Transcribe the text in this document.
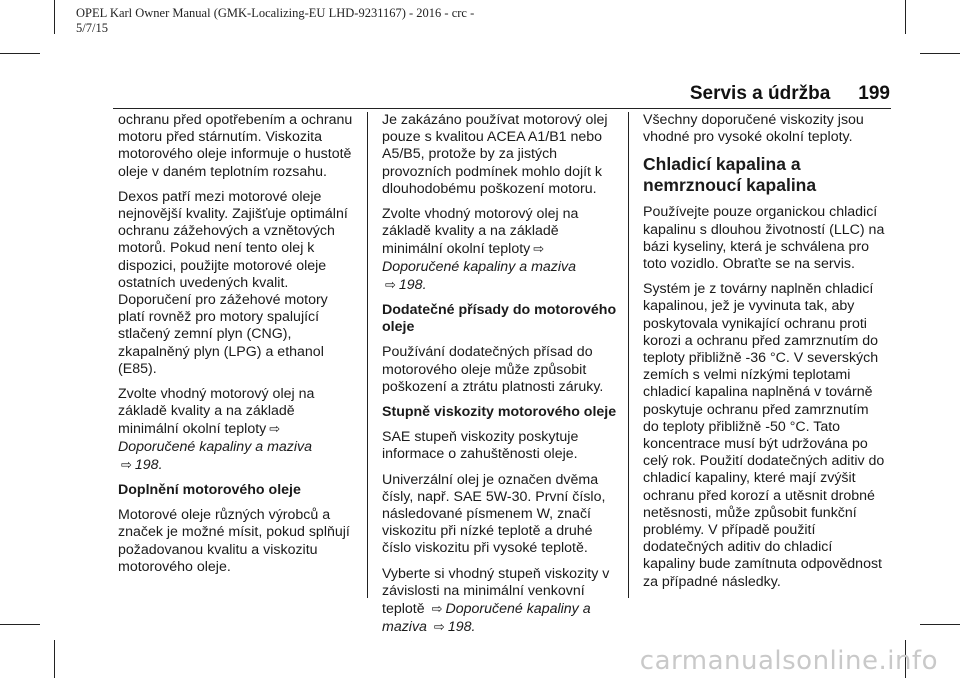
OPEL Karl Owner Manual (GMK-Localizing-EU LHD-9231167) - 2016 - crc -
5/7/15
Servis a údržba 199

ochranu před opotřebením a ochranu motoru před stárnutím. Viskozita motorového oleje informuje o hustotě oleje v daném teplotním rozsahu.

Dexos patří mezi motorové oleje nejnovější kvality. Zajišťuje optimální ochranu zážehových a vznětových motorů. Pokud není tento olej k dispozici, použijte motorové oleje ostatních uvedených kvalit. Doporučení pro zážehové motory platí rovněž pro motory spalující stlačený zemní plyn (CNG), zkapalněný plyn (LPG) a ethanol (E85).

Zvolte vhodný motorový olej na základě kvality a na základě minimální okolní teploty ⇨
Doporučené kapaliny a maziva ⇨ 198.

Doplnění motorového oleje

Motorové oleje různých výrobců a značek je možné mísit, pokud splňují požadovanou kvalitu a viskozitu motorového oleje.

Je zakázáno používat motorový olej pouze s kvalitou ACEA A1/B1 nebo A5/B5, protože by za jistých provozních podmínek mohlo dojít k dlouhodobému poškození motoru.

Zvolte vhodný motorový olej na základě kvality a na základě minimální okolní teploty ⇨
Doporučené kapaliny a maziva ⇨ 198.

Dodatečné přísady do motorového oleje

Používání dodatečných přísad do motorového oleje může způsobit poškození a ztrátu platnosti záruky.

Stupně viskozity motorového oleje

SAE stupeň viskozity poskytuje informace o zahuštěnosti oleje.

Univerzální olej je označen dvěma čísly, např. SAE 5W-30. První číslo, následované písmenem W, značí viskozitu při nízké teplotě a druhé číslo viskozitu při vysoké teplotě.

Vyberte si vhodný stupeň viskozity v závislosti na minimální venkovní teplotě ⇨ Doporučené kapaliny a maziva ⇨ 198.

Všechny doporučené viskozity jsou vhodné pro vysoké okolní teploty.

Chladicí kapalina a nemrznoucí kapalina

Používejte pouze organickou chladicí kapalinu s dlouhou životností (LLC) na bázi kyseliny, která je schválena pro toto vozidlo. Obraťte se na servis.

Systém je z továrny naplněn chladicí kapalinou, jež je vyvinuta tak, aby poskytovala vynikající ochranu proti korozi a ochranu před zamrznutím do teploty přibližně -36 °C. V severských zemích s velmi nízkými teplotami chladicí kapalina naplněná v továrně poskytuje ochranu před zamrznutím do teploty přibližně -50 °C. Tato koncentrace musí být udržována po celý rok. Použití dodatečných aditiv do chladicí kapaliny, které mají zvýšit ochranu před korozí a utěsnit drobné netěsnosti, může způsobit funkční problémy. V případě použití dodatečných aditiv do chladicí kapaliny bude zamítnuta odpovědnost za případné následky.

carmanualsonline.info
